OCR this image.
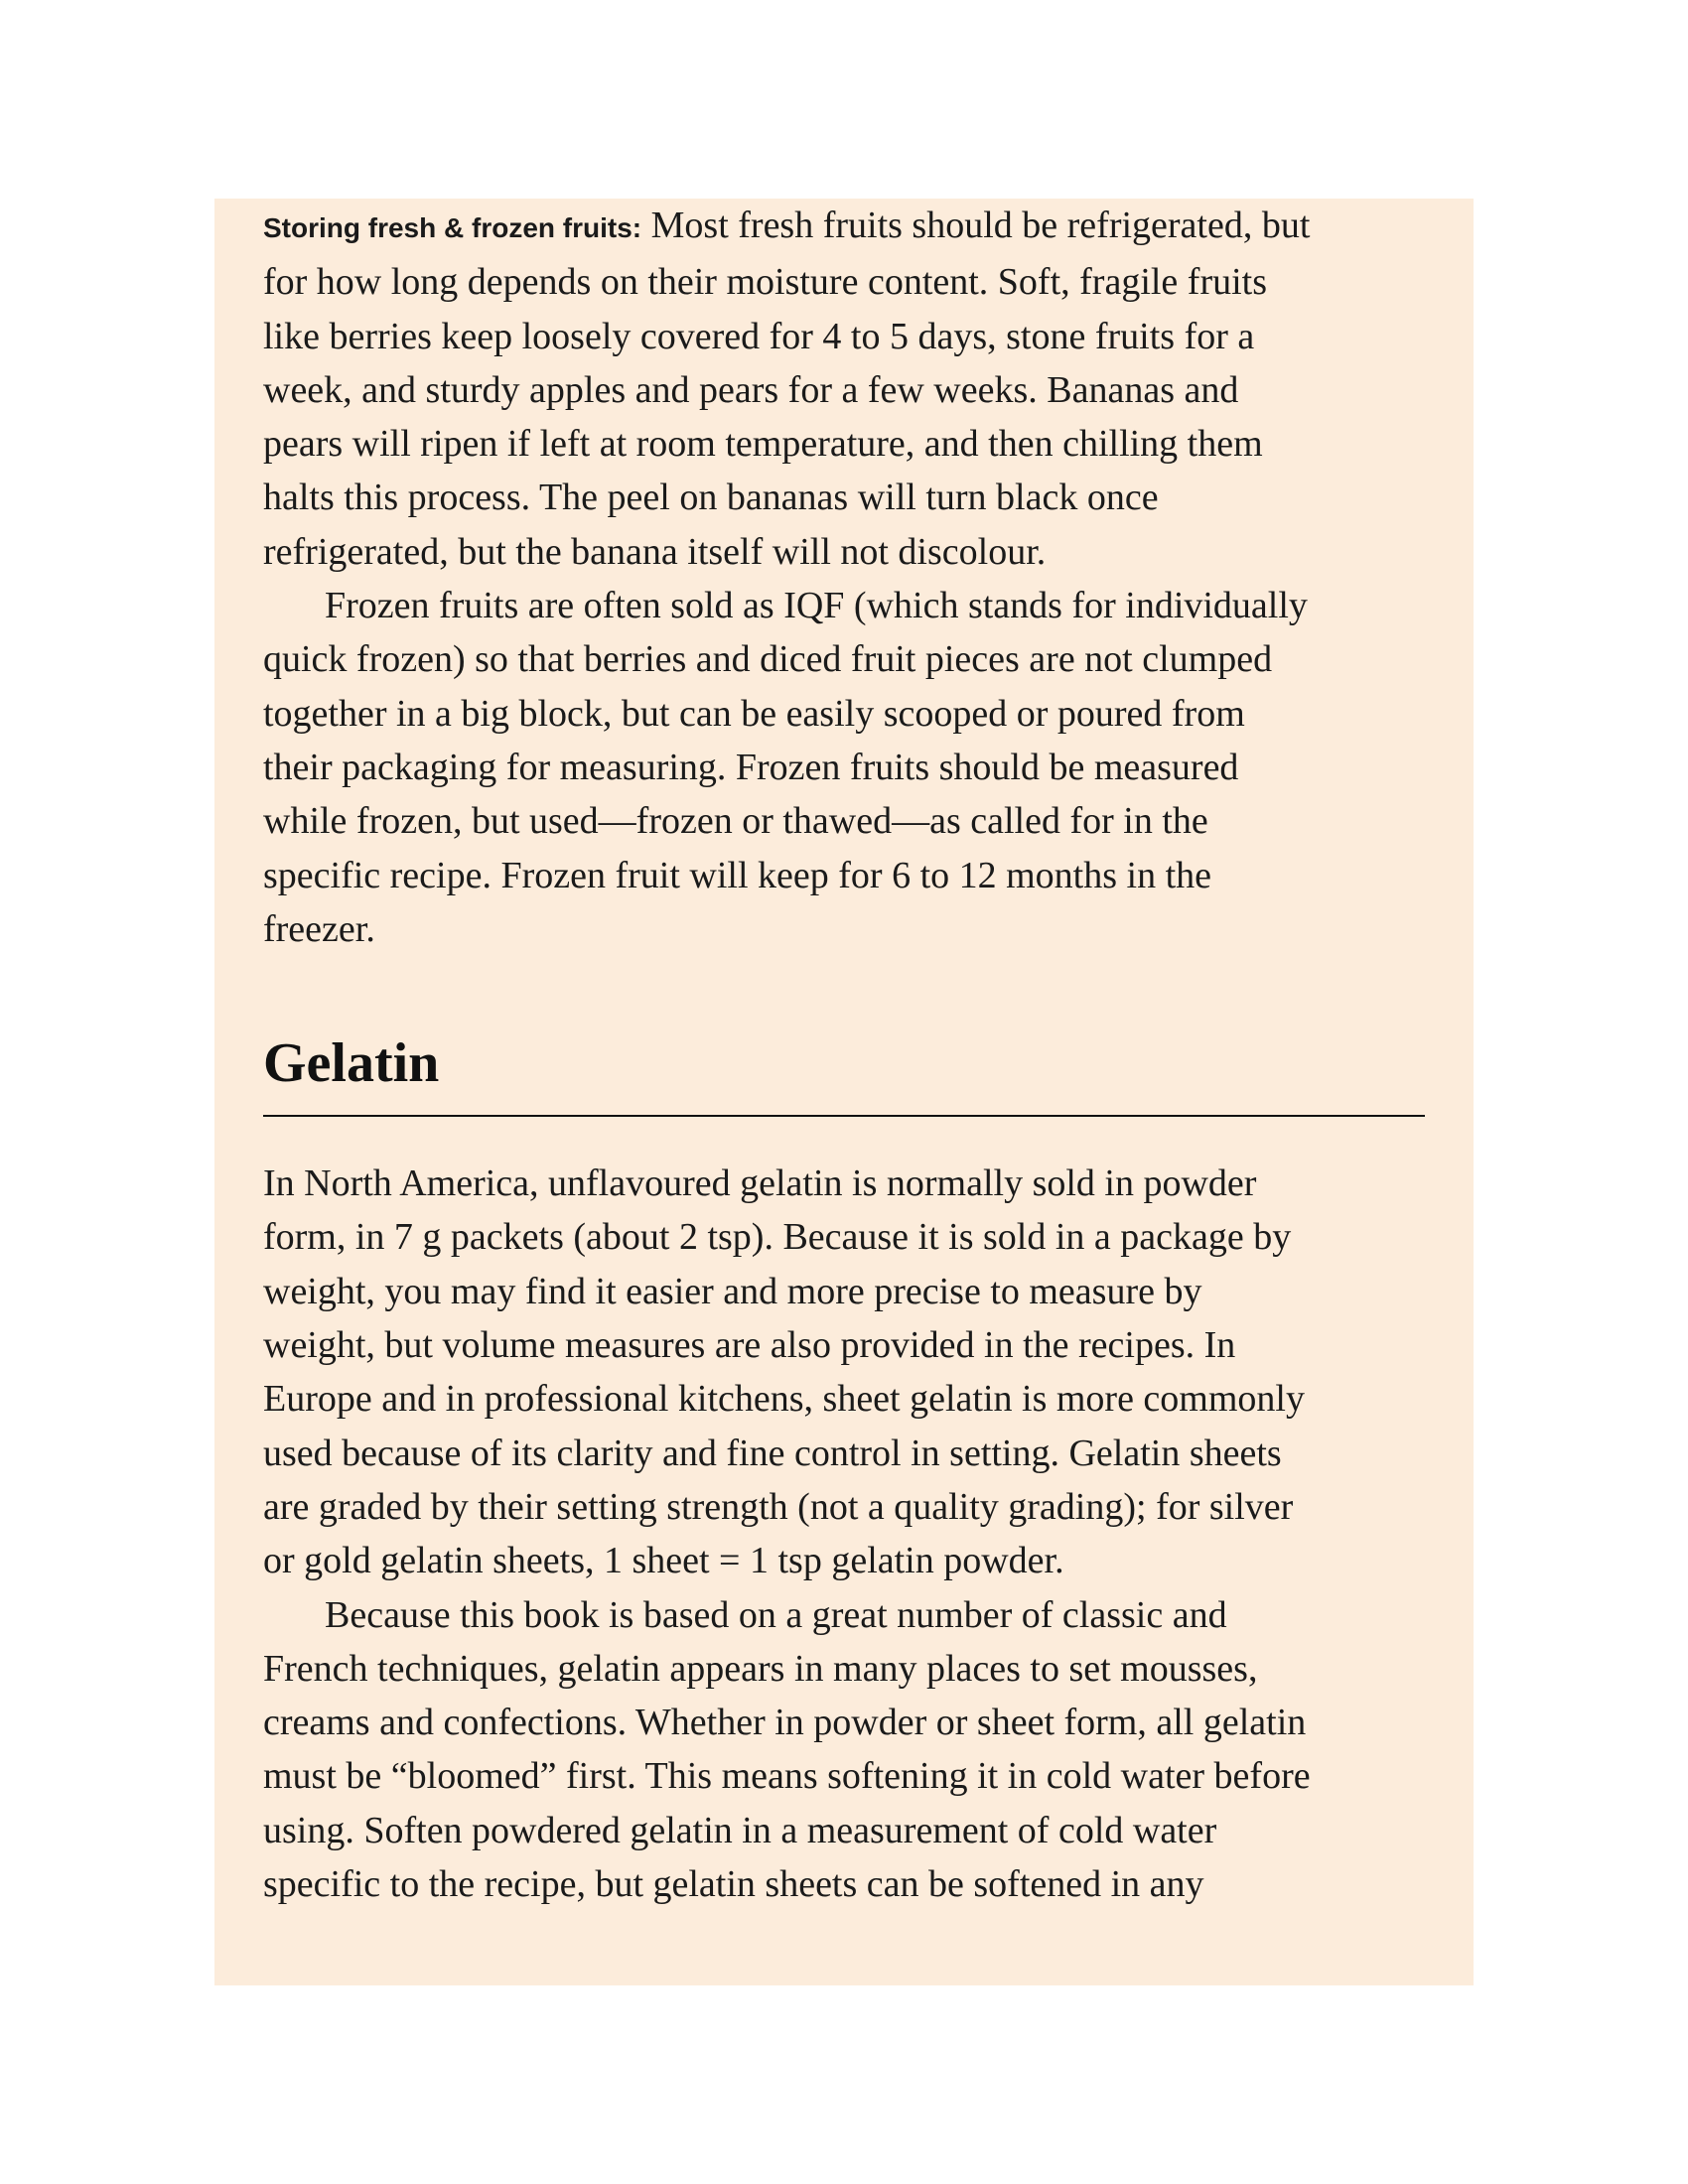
Storing fresh & frozen fruits: Most fresh fruits should be refrigerated, but
for how long depends on their moisture content. Soft, fragile fruits
like berries keep loosely covered for 4 to 5 days, stone fruits for a
week, and sturdy apples and pears for a few weeks. Bananas and
pears will ripen if left at room temperature, and then chilling them
halts this process. The peel on bananas will turn black once
refrigerated, but the banana itself will not discolour.

Frozen fruits are often sold as IQF (which stands for individually
quick frozen) so that berries and diced fruit pieces are not clumped
together in a big block, but can be easily scooped or poured from
their packaging for measuring. Frozen fruits should be measured
while frozen, but used—frozen or thawed—as called for in the
specific recipe. Frozen fruit will keep for 6 to 12 months in the
freezer.

Gelatin

In North America, unflavoured gelatin is normally sold in powder
form, in 7 g packets (about 2 tsp). Because it is sold in a package by
weight, you may find it easier and more precise to measure by
weight, but volume measures are also provided in the recipes. In
Europe and in professional kitchens, sheet gelatin is more commonly
used because of its clarity and fine control in setting. Gelatin sheets
are graded by their setting strength (not a quality grading); for silver
or gold gelatin sheets, 1 sheet = 1 tsp gelatin powder.

Because this book is based on a great number of classic and
French techniques, gelatin appears in many places to set mousses,
creams and confections. Whether in powder or sheet form, all gelatin
must be “bloomed” first. This means softening it in cold water before
using. Soften powdered gelatin in a measurement of cold water
specific to the recipe, but gelatin sheets can be softened in any
